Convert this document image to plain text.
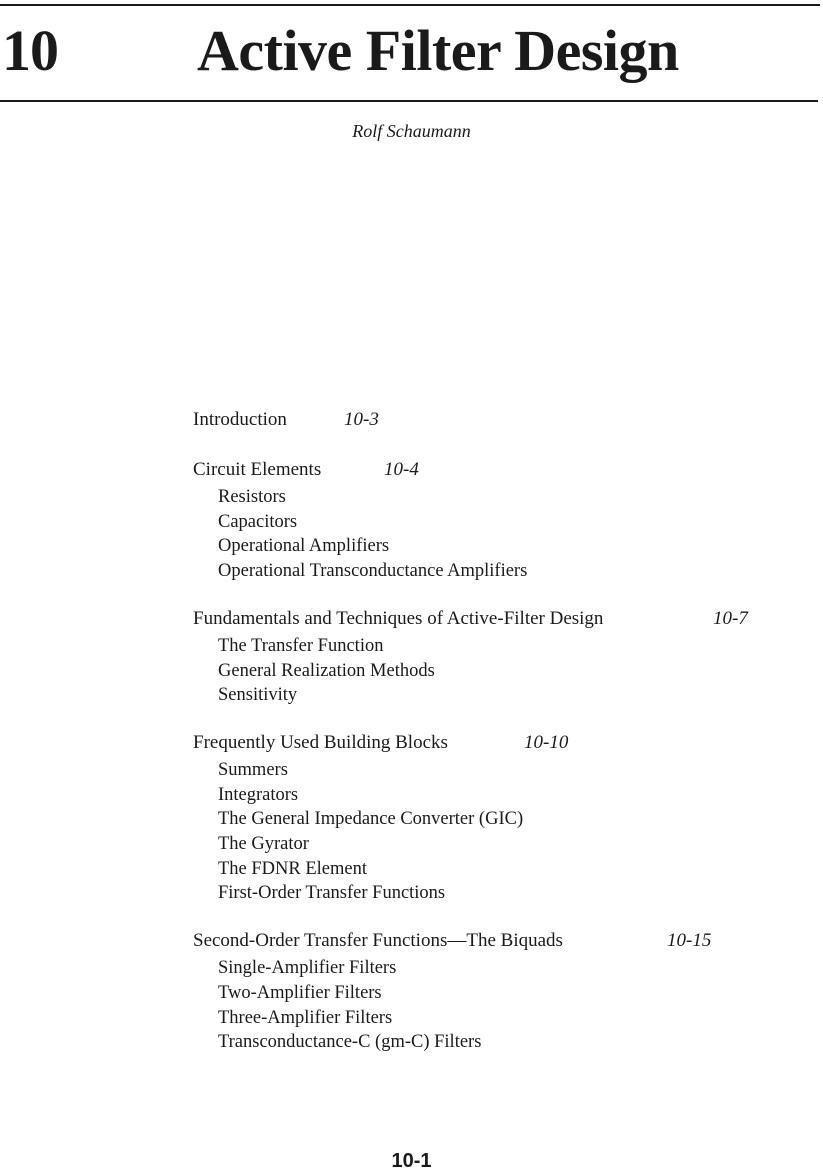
10 Active Filter Design
Rolf Schaumann
Introduction	10-3
Circuit Elements	10-4
Resistors
Capacitors
Operational Amplifiers
Operational Transconductance Amplifiers
Fundamentals and Techniques of Active-Filter Design	10-7
The Transfer Function
General Realization Methods
Sensitivity
Frequently Used Building Blocks	10-10
Summers
Integrators
The General Impedance Converter (GIC)
The Gyrator
The FDNR Element
First-Order Transfer Functions
Second-Order Transfer Functions—The Biquads	10-15
Single-Amplifier Filters
Two-Amplifier Filters
Three-Amplifier Filters
Transconductance-C (gm-C) Filters
10-1
